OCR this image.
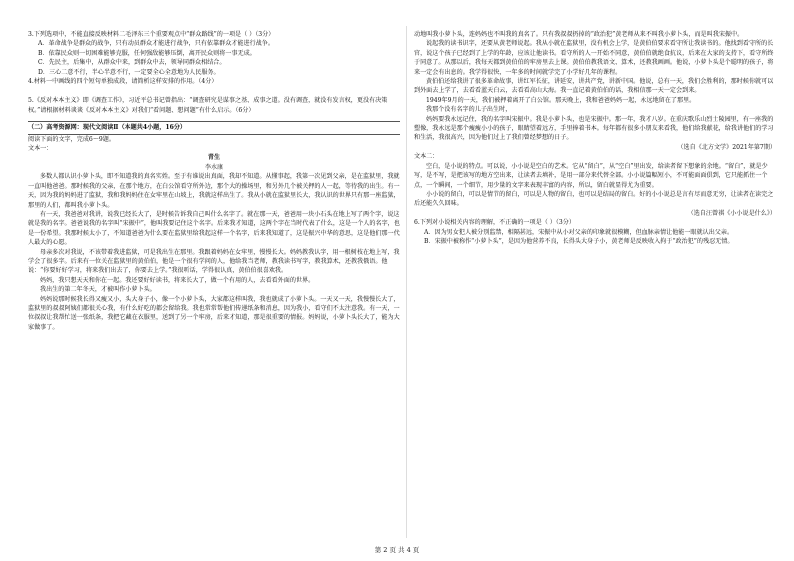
3.下列选项中，不能直接反映材料二毛泽东三个重要观点中“群众路线”的一项是（ ）（3分）

A．革命战争是群众的战争，只有动员群众才能进行战争，只有依靠群众才能进行战争。

B．依靠民众则一切困难能够克服，任何强敌能够压倒，离开民众则将一事无成。

C．先民主，后集中，从群众中来，到群众中去，领导同群众相结合。

D．三心二意不行，半心半意不行，一定要全心全意地为人民服务。

4.材料一中画线的四个短句单独成段，请简析这样安排的作用。（4分）

5.《反对本本主义》即《调查工作》，习近平总书记曾指出：“调查研究是谋事之基、成事之道。没有调查，就没有发言权，更没有决策权。”请根据材料谈谈《反对本本主义》对我们“看问题、想问题”有什么启示。（6分）

（二）高考资源网：现代文阅读Ⅱ（本题共4小题，16分）

阅读下面的文字，完成6～9题。

文本一：

青生

李水康

多数人都认识小萝卜头，即不知道我的真名实姓。至于有谁说出真面，我却不知道。从懂事起，我第一次见到父亲，是在监狱里，我就一直叫他爸爸。那时候我的父亲，在那个地方，在白公馆看守所外边，那个大的操场里，和另外几个被关押的人一起，等待我的出生。有一天，因为我的妈妈进了监狱，我和我妈妈住在女牢里在山坡上，我就这样出生了。我从小就在监狱里长大，我认识的世界只有那一座监狱，那里的人们，都叫我小萝卜头。

有一天，我爸爸对我讲，说我已经长大了，是时候告诉我自己叫什么名字了。就在那一天，爸爸用一块小石头在地上写了两个字，说这就是我的名字。爸爸说我的名字叫“宋振中”，他叫我要记住这个名字。后来我才知道，这两个字在当时代表了什么，这是一个人的名字，也是一份希望。我那时候太小了，不知道爸爸为什么要在监狱里给我起这样一个名字，后来我知道了，这是振兴中华的意思，这是他们那一代人最大的心愿。

母亲多次对我说，不该带着我进监狱，可是我出生在那里。我跟着妈妈在女牢里，慢慢长大。妈妈教我认字，用一根树枝在地上写，我学会了很多字。后来有一位关在监狱里的黄伯伯，他是一个很有学问的人，他给我当老师，教我读书写字，教我算术，还教我俄语。他说：“你要好好学习，将来我们出去了，你要去上学。”我很听话，学得很认真，黄伯伯很喜欢我。

妈妈，我只想天天和你在一起。我还要好好读书，将来长大了，做一个有用的人，去看看外面的世界。

我出生的第二年冬天，才被叫作小萝卜头。

妈妈说那时候我长得又瘦又小，头大身子小，像一个小萝卜头，大家都这样叫我，我也就成了小萝卜头。一天又一天，我慢慢长大了，监狱里的叔叔阿姨们都很关心我，有什么好吃的都会留给我。我也常常帮他们传递纸条和消息，因为我小，看守们不太注意我。有一天，一位叔叔让我帮忙送一张纸条，我把它藏在衣服里，送到了另一个牢房，后来才知道，那是很重要的情报。妈妈说，小萝卜头长大了，能为大家做事了。

动地叫我小萝卜头，连妈妈也不叫我的真名了。只有我叔叔扔掉的“政治犯”黄老师从来不叫我小萝卜头，而是叫我宋振中。

说起我的读书识字，还要从黄老师说起。我从小就在监狱里，没有机会上学，是黄伯伯要求看守所让我读书的。他找到看守所的长官，说这个孩子已经到了上学的年龄，应该让他读书。看守所的人一开始不同意，黄伯伯就绝食抗议，后来在大家的支持下，看守所终于同意了。从那以后，我每天都到黄伯伯的牢房里去上课。黄伯伯教我语文、算术，还教我画画。他说，小萝卜头是个聪明的孩子，将来一定会有出息的。我学得很快，一年多的时间就学完了小学好几年的课程。

黄伯伯还给我讲了很多革命故事，讲红军长征，讲延安，讲共产党，讲新中国。他说，总有一天，我们会胜利的，那时候你就可以到外面去上学了，去看看蓝天白云，去看看高山大海。我一直记着黄伯伯的话，我相信那一天一定会到来。

1949年9月的一天，我们被押着离开了白公馆。那天晚上，我和爸爸妈妈一起，永远地留在了那里。

我那个没有名字的儿子出生时，

妈妈要我永远记住，我的名字叫宋振中。我是小萝卜头，也是宋振中。那一年，我才八岁。在重庆歌乐山烈士陵园里，有一座我的塑像，我永远是那个瘦瘦小小的孩子，眼睛望着远方，手里捧着书本。每年都有很多小朋友来看我，他们给我献花，给我讲他们的学习和生活，我很高兴，因为他们过上了我们曾经梦想的日子。

（选自《北方文学》2021年第7期）

文本二：

空白，是小说的特点。可以说，小小说是空白的艺术。它从“留白”，从“空白”里出发，给读者留下想象的余地。“留白”，就是少写，是不写，是把该写的地方空出来，让读者去填补，是用一部分来代替全部。小小说篇幅短小，不可能面面俱到，它只能抓住一个点，一个瞬间，一个细节，用少量的文字来表现丰富的内容，所以，留白就显得尤为重要。

小小说的留白，可以是情节的留白，可以是人物的留白，也可以是结局的留白。好的小小说总是言有尽而意无穷，让读者在读完之后还能久久回味。

（选自汪曾祺《小小说是什么》）

6.下列对小说相关内容的理解，不正确的一项是（ ）（3分）

A．因为男女犯人被分别监禁，相隔甚远，宋振中从小对父亲的印象就很模糊，但血脉亲情让他能一眼就认出父亲。

B．宋振中被称作“小萝卜头”，是因为他营养不良，长得头大身子小，黄老师是反映收入拘于“政治犯”的残忍无情。

第 2 页 共 4 页
